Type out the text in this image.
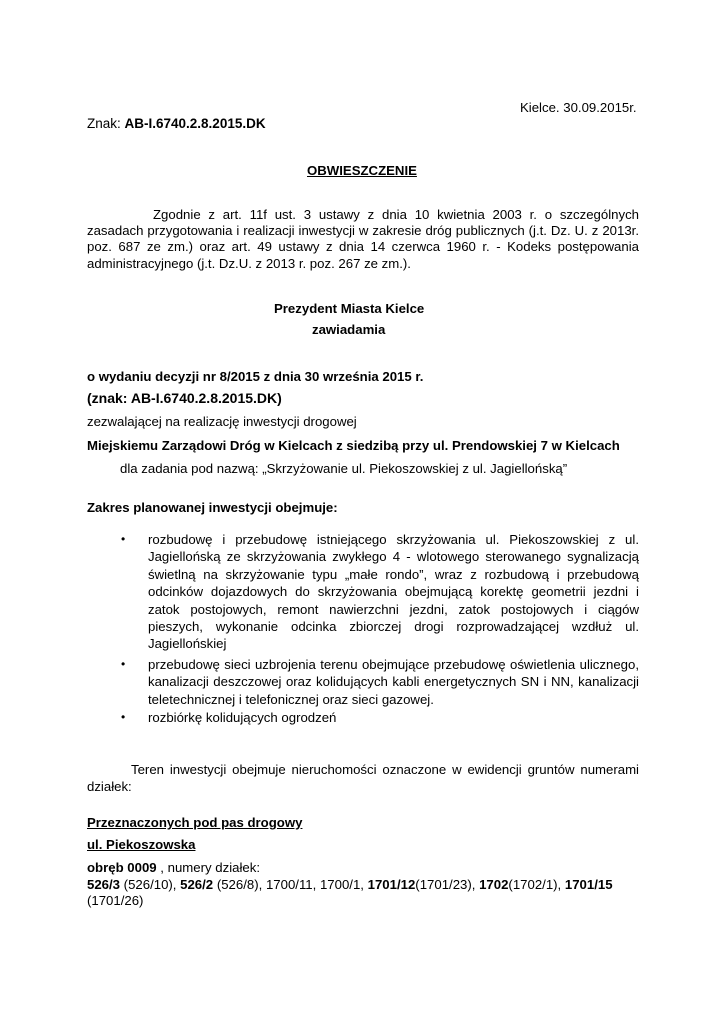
Kielce. 30.09.2015r.
Znak: AB-I.6740.2.8.2015.DK
OBWIESZCZENIE
Zgodnie z art. 11f ust. 3 ustawy z dnia 10 kwietnia 2003 r. o szczególnych zasadach przygotowania i realizacji inwestycji w zakresie dróg publicznych (j.t. Dz. U. z 2013r. poz. 687 ze zm.) oraz art. 49 ustawy z dnia 14 czerwca 1960 r. - Kodeks postępowania administracyjnego (j.t. Dz.U. z 2013 r. poz. 267 ze zm.).
Prezydent Miasta Kielce
zawiadamia
o wydaniu decyzji nr 8/2015 z dnia 30 września 2015 r.
(znak: AB-I.6740.2.8.2015.DK)
zezwalającej na realizację inwestycji drogowej
Miejskiemu Zarządowi Dróg w Kielcach z siedzibą przy ul. Prendowskiej 7 w Kielcach
dla zadania pod nazwą: „Skrzyżowanie ul. Piekoszowskiej z ul. Jagiellońską”
Zakres planowanej inwestycji obejmuje:
• rozbudowę i przebudowę istniejącego skrzyżowania ul. Piekoszowskiej z ul. Jagiellońską ze skrzyżowania zwykłego 4 - wlotowego sterowanego sygnalizacją świetlną na skrzyżowanie typu „małe rondo”, wraz z rozbudową i przebudową odcinków dojazdowych do skrzyżowania obejmującą korektę geometrii jezdni i zatok postojowych, remont nawierzchni jezdni, zatok postojowych i ciągów pieszych, wykonanie odcinka zbiorczej drogi rozprowadzającej wzdłuż ul. Jagiellońskiej
• przebudowę sieci uzbrojenia terenu obejmujące przebudowę oświetlenia ulicznego, kanalizacji deszczowej oraz kolidujących kabli energetycznych SN i NN, kanalizacji teletechnicznej i telefonicznej oraz sieci gazowej.
• rozbiórkę kolidujących ogrodzeń
Teren inwestycji obejmuje nieruchomości oznaczone w ewidencji gruntów numerami działek:
Przeznaczonych pod pas drogowy
ul. Piekoszowska
obręb 0009 , numery działek:
526/3 (526/10), 526/2 (526/8), 1700/11, 1700/1, 1701/12(1701/23), 1702(1702/1), 1701/15
(1701/26)
